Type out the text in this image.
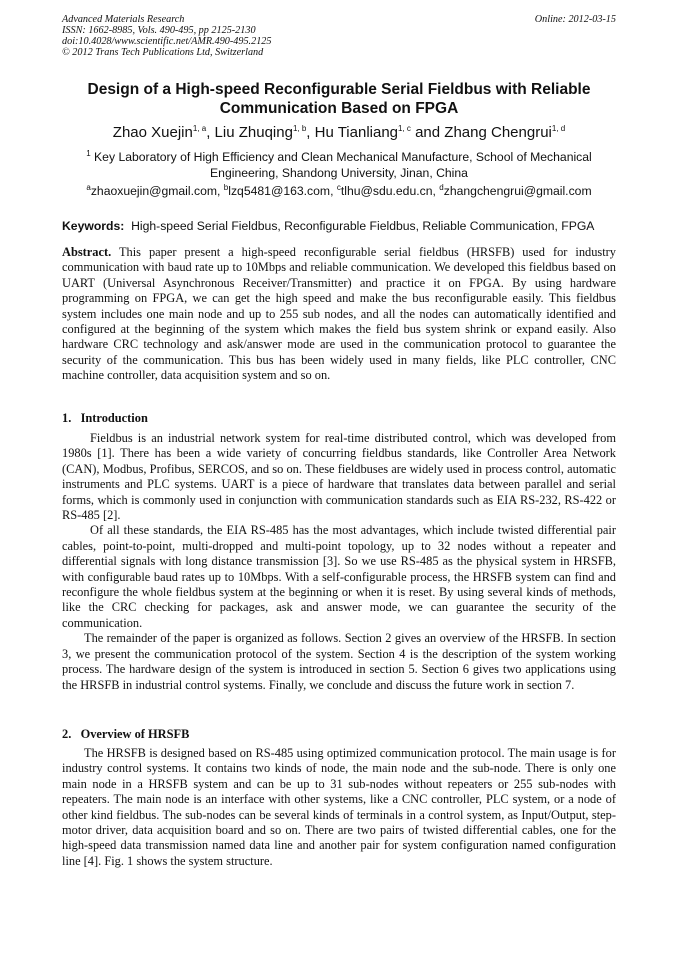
Advanced Materials Research
ISSN: 1662-8985, Vols. 490-495, pp 2125-2130
doi:10.4028/www.scientific.net/AMR.490-495.2125
© 2012 Trans Tech Publications Ltd, Switzerland
Online: 2012-03-15
Design of a High-speed Reconfigurable Serial Fieldbus with Reliable
Communication Based on FPGA
Zhao Xuejin$^{1, a}$, Liu Zhuqing$^{1, b}$, Hu Tianliang$^{1, c}$ and Zhang Chengrui$^{1, d}$
$^1$ Key Laboratory of High Efficiency and Clean Mechanical Manufacture, School of Mechanical
Engineering, Shandong University, Jinan, China
$^a$zhaoxuejin@gmail.com, $^b$lzq5481@163.com, $^c$tlhu@sdu.edu.cn, $^d$zhangchengrui@gmail.com
Keywords:  High-speed Serial Fieldbus, Reconfigurable Fieldbus, Reliable Communication, FPGA

Abstract. This paper present a high-speed reconfigurable serial fieldbus (HRSFB) used for industry communication with baud rate up to 10Mbps and reliable communication. We developed this fieldbus based on UART (Universal Asynchronous Receiver/Transmitter) and practice it on FPGA. By using hardware programming on FPGA, we can get the high speed and make the bus reconfigurable easily. This fieldbus system includes one main node and up to 255 sub nodes, and all the nodes can automatically identified and configured at the beginning of the system which makes the field bus system shrink or expand easily. Also hardware CRC technology and ask/answer mode are used in the communication protocol to guarantee the security of the communication. This bus has been widely used in many fields, like PLC controller, CNC machine controller, data acquisition system and so on.

1.   Introduction

Fieldbus is an industrial network system for real-time distributed control, which was developed from 1980s [1]. There has been a wide variety of concurring fieldbus standards, like Controller Area Network (CAN), Modbus, Profibus, SERCOS, and so on. These fieldbuses are widely used in process control, automatic instruments and PLC systems. UART is a piece of hardware that translates data between parallel and serial forms, which is commonly used in conjunction with communication standards such as EIA RS-232, RS-422 or RS-485 [2].

Of all these standards, the EIA RS-485 has the most advantages, which include twisted differential pair cables, point-to-point, multi-dropped and multi-point topology, up to 32 nodes without a repeater and differential signals with long distance transmission [3]. So we use RS-485 as the physical system in HRSFB, with configurable baud rates up to 10Mbps. With a self-configurable process, the HRSFB system can find and reconfigure the whole fieldbus system at the beginning or when it is reset. By using several kinds of methods, like the CRC checking for packages, ask and answer mode, we can guarantee the security of the communication.

The remainder of the paper is organized as follows. Section 2 gives an overview of the HRSFB. In section 3, we present the communication protocol of the system. Section 4 is the description of the system working process. The hardware design of the system is introduced in section 5. Section 6 gives two applications using the HRSFB in industrial control systems. Finally, we conclude and discuss the future work in section 7.

2.   Overview of HRSFB

The HRSFB is designed based on RS-485 using optimized communication protocol. The main usage is for industry control systems. It contains two kinds of node, the main node and the sub-node. There is only one main node in a HRSFB system and can be up to 31 sub-nodes without repeaters or 255 sub-nodes with repeaters. The main node is an interface with other systems, like a CNC controller, PLC system, or a node of other kind fieldbus. The sub-nodes can be several kinds of terminals in a control system, as Input/Output, step-motor driver, data acquisition board and so on. There are two pairs of twisted differential cables, one for the high-speed data transmission named data line and another pair for system configuration named configuration line [4]. Fig. 1 shows the system structure.
